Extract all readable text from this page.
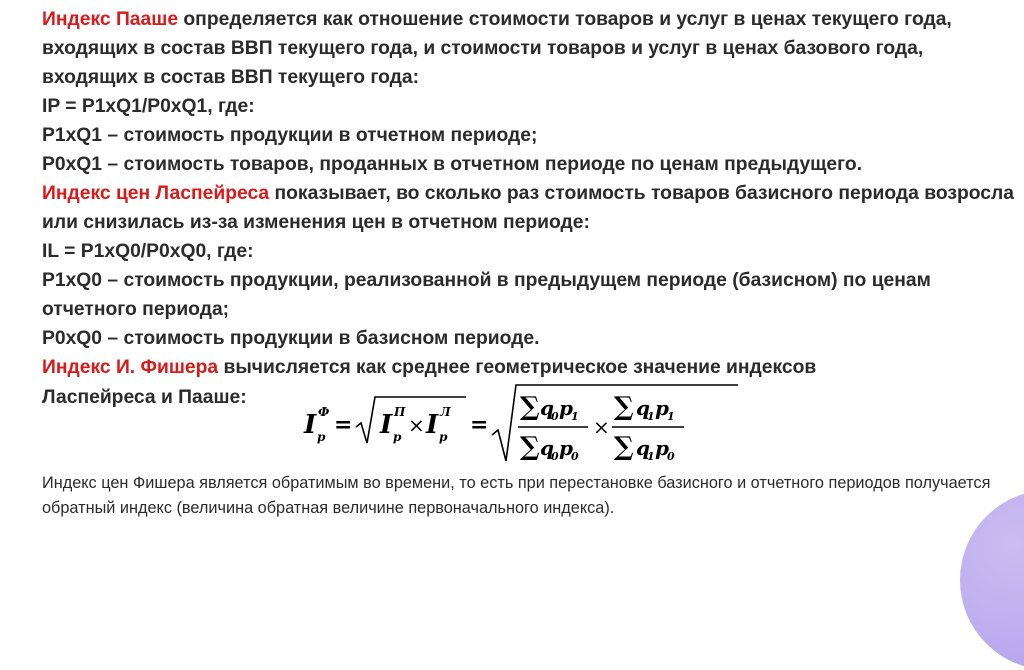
Индекс Пааше определяется как отношение стоимости товаров и услуг в ценах текущего года, входящих в состав ВВП текущего года, и стоимости товаров и услуг в ценах базового года, входящих в состав ВВП текущего года:

IP = P1xQ1/P0xQ1, где:

P1xQ1 – стоимость продукции в отчетном периоде;

P0xQ1 – стоимость товаров, проданных в отчетном периоде по ценам предыдущего.

Индекс цен Ласпейреса показывает, во сколько раз стоимость товаров базисного периода возросла или снизилась из-за изменения цен в отчетном периоде:

IL = P1xQ0/P0xQ0, где:

P1xQ0 – стоимость продукции, реализованной в предыдущем периоде (базисном) по ценам отчетного периода;

P0xQ0 – стоимость продукции в базисном периоде.

Индекс И. Фишера вычисляется как среднее геометрическое значение индексов

Ласпейреса и Пааше:

I Ф
p = I П
p × I Л
p =
∑ q
0 p
1
∑ q
0 p
0
×
∑ q
1 p
1
∑ q
1 p
0

Индекс цен Фишера является обратимым во времени, то есть при перестановке базисного и отчетного периодов получается обратный индекс (величина обратная величине первоначального индекса).
